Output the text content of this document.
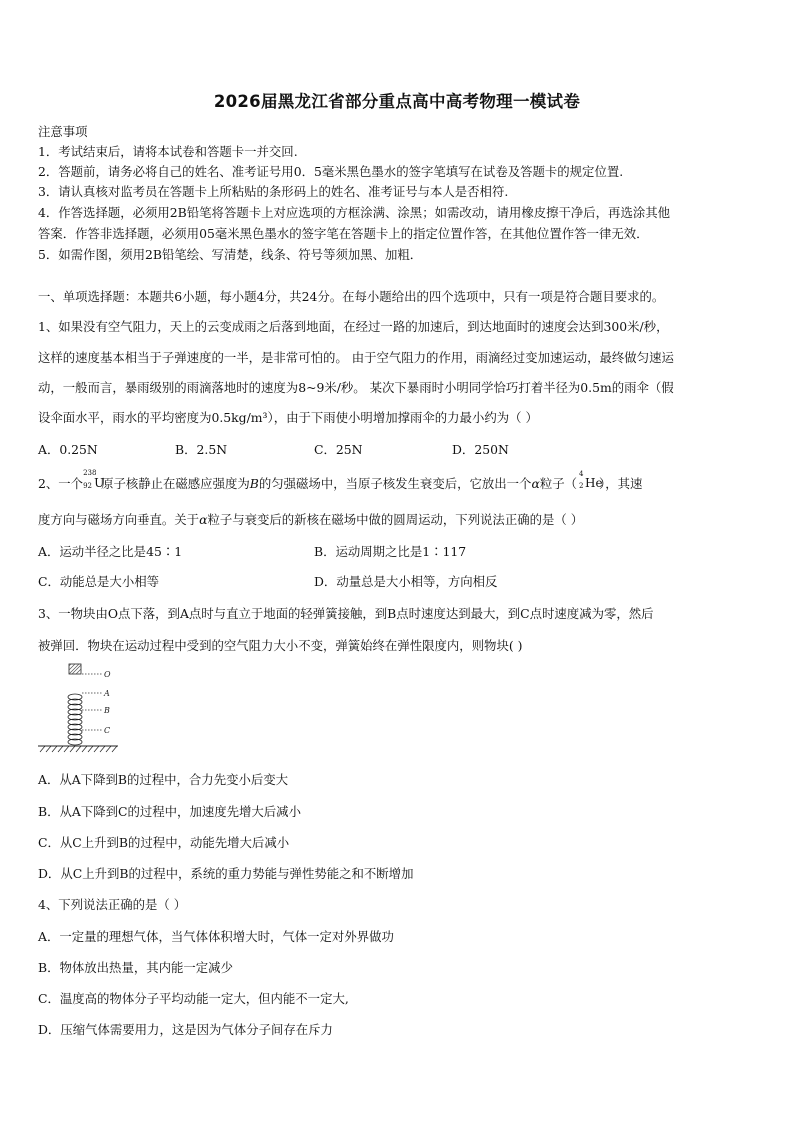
2026届黑龙江省部分重点高中高考物理一模试卷
注意事项
1．考试结束后，请将本试卷和答题卡一并交回.
2．答题前，请务必将自己的姓名、准考证号用0．5毫米黑色墨水的签字笔填写在试卷及答题卡的规定位置.
3．请认真核对监考员在答题卡上所粘贴的条形码上的姓名、准考证号与本人是否相符.
4．作答选择题，必须用2B铅笔将答题卡上对应选项的方框涂满、涂黑；如需改动，请用橡皮擦干净后，再选涂其他
答案．作答非选择题，必须用05毫米黑色墨水的签字笔在答题卡上的指定位置作答，在其他位置作答一律无效．
5．如需作图，须用2B铅笔绘、写清楚，线条、符号等须加黑、加粗．
一、单项选择题：本题共6小题，每小题4分，共24分。在每小题给出的四个选项中，只有一项是符合题目要求的。
1、如果没有空气阻力，天上的云变成雨之后落到地面，在经过一路的加速后，到达地面时的速度会达到300米/秒，
这样的速度基本相当于子弹速度的一半，是非常可怕的。 由于空气阻力的作用，雨滴经过变加速运动，最终做匀速运
动，一般而言，暴雨级别的雨滴落地时的速度为8~9米/秒。 某次下暴雨时小明同学恰巧打着半径为0.5m的雨伞（假
设伞面水平，雨水的平均密度为0.5kg/m³），由于下雨使小明增加撑雨伞的力最小约为（ ）
A．0.25N	B．2.5N	C．25N	D．250N
2、一个
238
92 U
原子核静止在磁感应强度为B的匀强磁场中，当原子核发生衰变后，它放出一个α粒子（
4
2 He
），其速
度方向与磁场方向垂直。关于α粒子与衰变后的新核在磁场中做的圆周运动，下列说法正确的是（ ）
A．运动半径之比是45∶1	B．运动周期之比是1∶117
C．动能总是大小相等	D．动量总是大小相等，方向相反
3、一物块由O点下落，到A点时与直立于地面的轻弹簧接触，到B点时速度达到最大，到C点时速度减为零，然后
被弹回．物块在运动过程中受到的空气阻力大小不变，弹簧始终在弹性限度内，则物块( )
O
A
B
C
A．从A下降到B的过程中，合力先变小后变大
B．从A下降到C的过程中，加速度先增大后减小
C．从C上升到B的过程中，动能先增大后减小
D．从C上升到B的过程中，系统的重力势能与弹性势能之和不断增加
4、下列说法正确的是（ ）
A．一定量的理想气体，当气体体积增大时，气体一定对外界做功
B．物体放出热量，其内能一定减少
C．温度高的物体分子平均动能一定大，但内能不一定大,
D．压缩气体需要用力，这是因为气体分子间存在斥力
